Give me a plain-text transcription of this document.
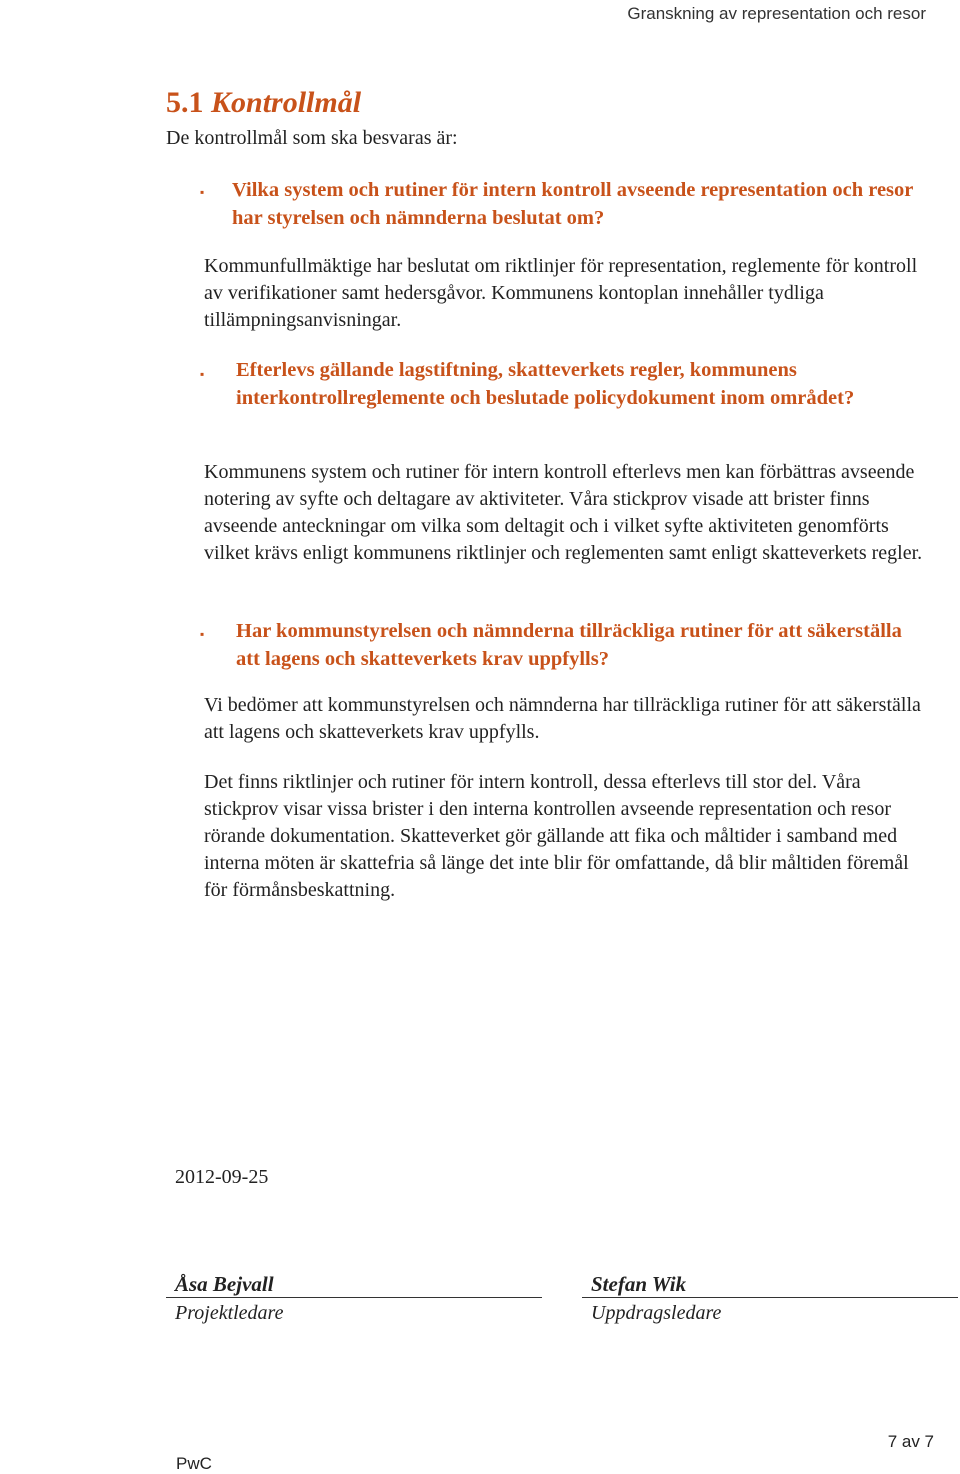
Granskning av representation och resor
5.1 Kontrollmål
De kontrollmål som ska besvaras är:
▪ Vilka system och rutiner för intern kontroll avseende representation och resor har styrelsen och nämnderna beslutat om?

Kommunfullmäktige har beslutat om riktlinjer för representation, reglemente för kontroll av verifikationer samt hedersgåvor. Kommunens kontoplan innehåller tydliga tillämpningsanvisningar.

▪ Efterlevs gällande lagstiftning, skatteverkets regler, kommunens interkontrollreglemente och beslutade policydokument inom området?

Kommunens system och rutiner för intern kontroll efterlevs men kan förbättras avseende notering av syfte och deltagare av aktiviteter. Våra stickprov visade att brister finns avseende anteckningar om vilka som deltagit och i vilket syfte aktiviteten genomförts vilket krävs enligt kommunens riktlinjer och reglementen samt enligt skatteverkets regler.

▪ Har kommunstyrelsen och nämnderna tillräckliga rutiner för att säkerställa att lagens och skatteverkets krav uppfylls?

Vi bedömer att kommunstyrelsen och nämnderna har tillräckliga rutiner för att säkerställa att lagens och skatteverkets krav uppfylls.

Det finns riktlinjer och rutiner för intern kontroll, dessa efterlevs till stor del. Våra stickprov visar vissa brister i den interna kontrollen avseende representation och resor rörande dokumentation. Skatteverket gör gällande att fika och måltider i samband med interna möten är skattefria så länge det inte blir för omfattande, då blir måltiden föremål för förmånsbeskattning.

2012-09-25
Åsa Bejvall
Projektledare
Stefan Wik
Uppdragsledare
PwC
7 av 7
